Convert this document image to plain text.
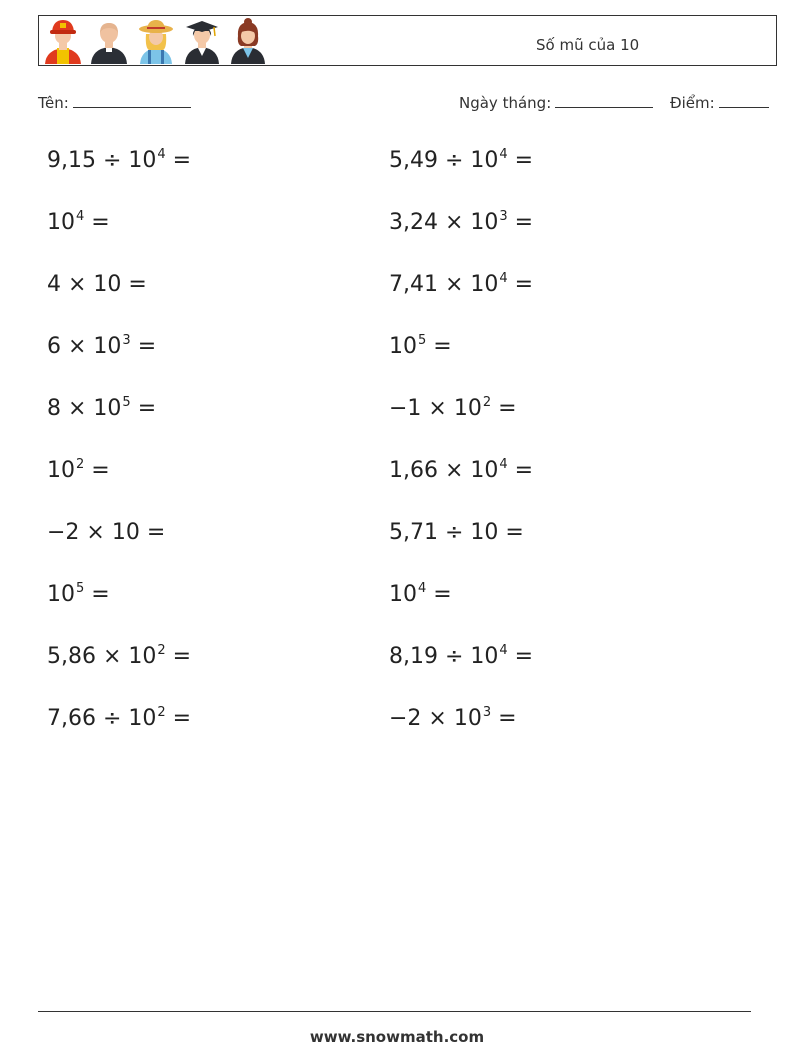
Số mũ của 10
Tên:	Ngày tháng:	Điểm:
$9,15 \div 10^4$ =	$5,49 \div 10^4$ =
$10^4$ =	$3,24 \times 10^3$ =
4 × 10 =	$7,41 \times 10^4$ =
$6 \times 10^3$ =	$10^5$ =
$8 \times 10^5$ =	$-1 \times 10^2$ =
$10^2$ =	$1,66 \times 10^4$ =
−2 × 10 =	5,71 ÷ 10 =
$10^5$ =	$10^4$ =
$5,86 \times 10^2$ =	$8,19 \div 10^4$ =
$7,66 \div 10^2$ =	$-2 \times 10^3$ =
www.snowmath.com
